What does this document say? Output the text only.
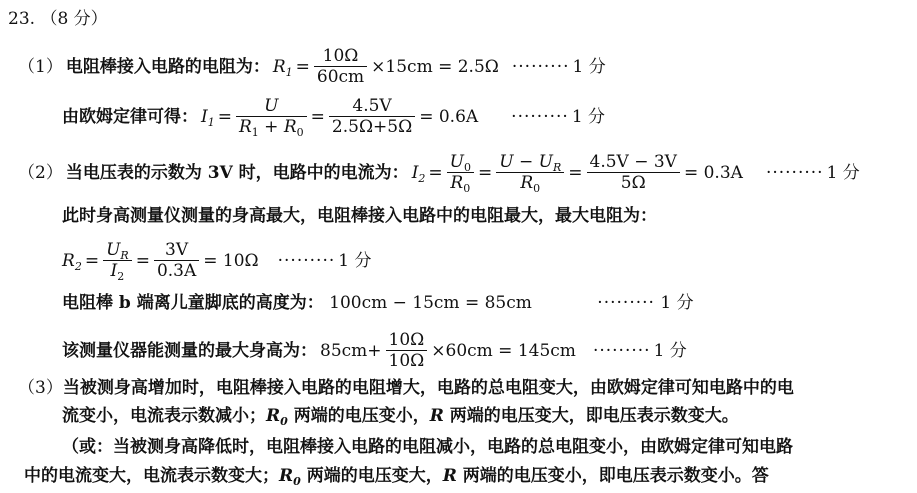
23. （8 分）
（1） 电阻棒接入电路的电阻为： $R_1 = \frac{10\Omega}{60cm} \times 15cm = 2.5\Omega$ ········· 1 分
由欧姆定律可得： $I_1 = \frac{U}{R_1 + R_0} = \frac{4.5V}{2.5\Omega+5\Omega} = 0.6A$ ········· 1 分
（2） 当电压表的示数为 3V 时，电路中的电流为： $I_2 = \frac{U_0}{R_0} = \frac{U - U_R}{R_0} = \frac{4.5V - 3V}{5\Omega} = 0.3A$ ········· 1 分
此时身高测量仪测量的身高最大，电阻棒接入电路中的电阻最大，最大电阻为：
$R_2 = \frac{U_R}{I_2} = \frac{3V}{0.3A} = 10\Omega$ ········· 1 分
电阻棒 b 端离儿童脚底的高度为： 100cm − 15cm = 85cm	········· 1 分
该测量仪器能测量的最大身高为： $85cm+ \frac{10\Omega}{10\Omega} \times 60cm = 145cm$ ········· 1 分
（3）当被测身高增加时，电阻棒接入电路的电阻增大，电路的总电阻变大，由欧姆定律可知电路中的电
流变小，电流表示数减小；$R_0$ 两端的电压变小，R 两端的电压变大，即电压表示数变大。
（或：当被测身高降低时，电阻棒接入电路的电阻减小，电路的总电阻变小，由欧姆定律可知电路
中的电流变大，电流表示数变大；$R_0$ 两端的电压变大，R 两端的电压变小，即电压表示数变小。答
